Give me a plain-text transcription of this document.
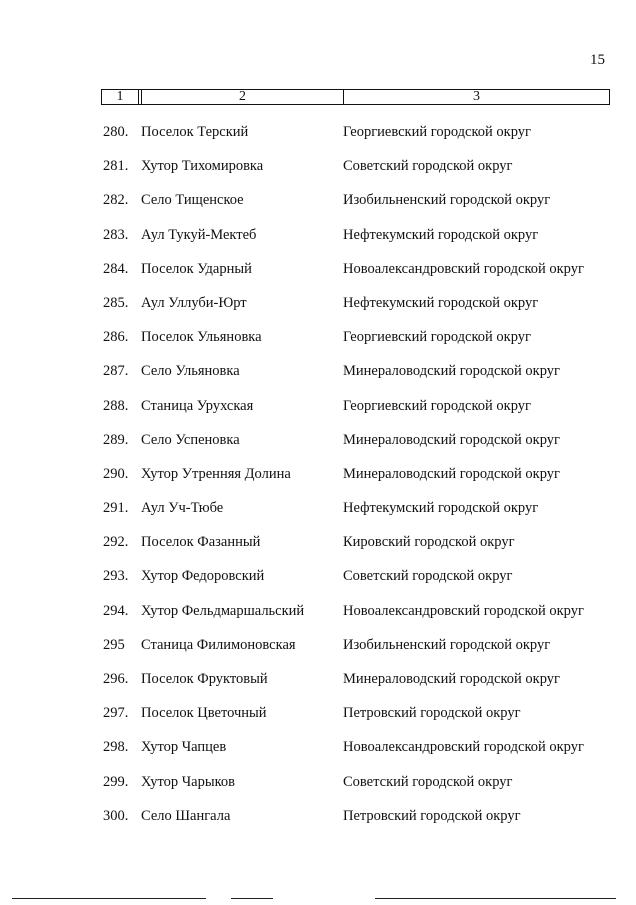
15
1	2	3
280. Поселок Терский	Георгиевский городской округ
281. Хутор Тихомировка	Советский городской округ
282. Село Тищенское	Изобильненский городской округ
283. Аул Тукуй-Мектеб	Нефтекумский городской округ
284. Поселок Ударный	Новоалександровский городской округ
285. Аул Уллуби-Юрт	Нефтекумский городской округ
286. Поселок Ульяновка	Георгиевский городской округ
287. Село Ульяновка	Минераловодский городской округ
288. Станица Урухская	Георгиевский городской округ
289. Село Успеновка	Минераловодский городской округ
290. Хутор Утренняя Долина	Минераловодский городской округ
291. Аул Уч-Тюбе	Нефтекумский городской округ
292. Поселок Фазанный	Кировский городской округ
293. Хутор Федоровский	Советский городской округ
294. Хутор Фельдмаршальский	Новоалександровский городской округ
295 Станица Филимоновская	Изобильненский городской округ
296. Поселок Фруктовый	Минераловодский городской округ
297. Поселок Цветочный	Петровский городской округ
298. Хутор Чапцев	Новоалександровский городской округ
299. Хутор Чарыков	Советский городской округ
300. Село Шангала	Петровский городской округ
